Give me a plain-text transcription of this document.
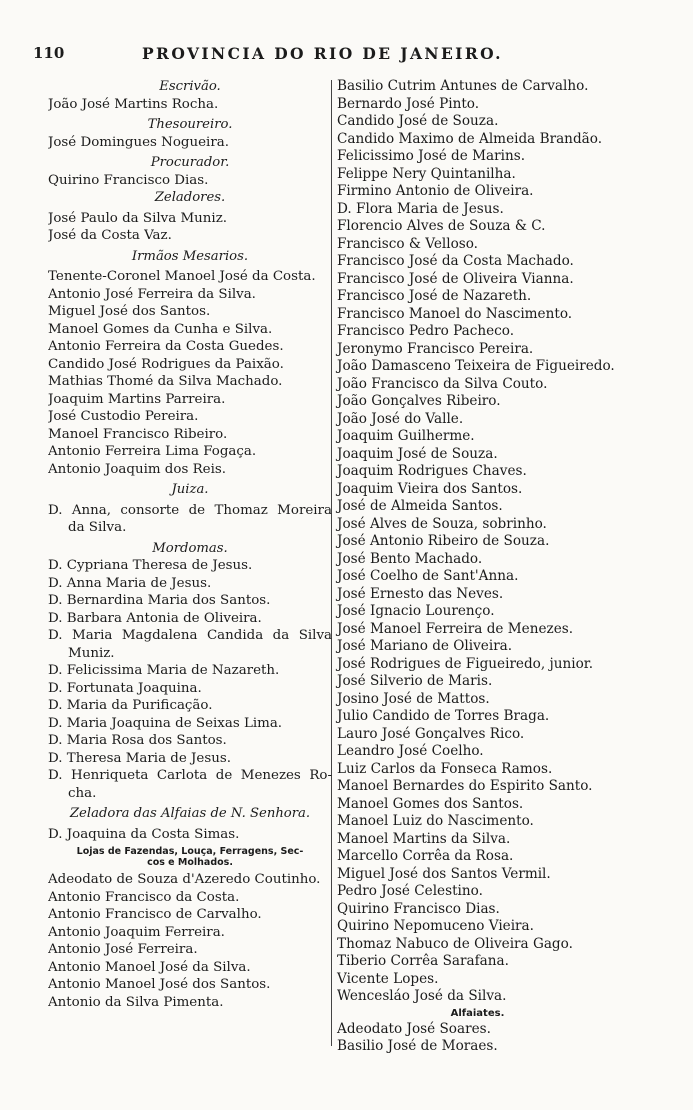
110	PROVINCIA DO RIO DE JANEIRO.
Escrivão.
João José Martins Rocha.
Thesoureiro.
José Domingues Nogueira.
Procurador.
Quirino Francisco Dias.
Zeladores.
José Paulo da Silva Muniz.
José da Costa Vaz.
Irmãos Mesarios.
Tenente-Coronel Manoel José da Costa.
Antonio José Ferreira da Silva.
Miguel José dos Santos.
Manoel Gomes da Cunha e Silva.
Antonio Ferreira da Costa Guedes.
Candido José Rodrigues da Paixão.
Mathias Thomé da Silva Machado.
Joaquim Martins Parreira.
José Custodio Pereira.
Manoel Francisco Ribeiro.
Antonio Ferreira Lima Fogaça.
Antonio Joaquim dos Reis.
Juiza.
D. Anna, consorte de Thomaz Moreira
da Silva.
Mordomas.
D. Cypriana Theresa de Jesus.
D. Anna Maria de Jesus.
D. Bernardina Maria dos Santos.
D. Barbara Antonia de Oliveira.
D. Maria Magdalena Candida da Silva
Muniz.
D. Felicissima Maria de Nazareth.
D. Fortunata Joaquina.
D. Maria da Purificação.
D. Maria Joaquina de Seixas Lima.
D. Maria Rosa dos Santos.
D. Theresa Maria de Jesus.
D. Henriqueta Carlota de Menezes Ro-
cha.
Zeladora das Alfaias de N. Senhora.
D. Joaquina da Costa Simas.
Lojas de Fazendas, Louça, Ferragens, Sec-
cos e Molhados.
Adeodato de Souza d'Azeredo Coutinho.
Antonio Francisco da Costa.
Antonio Francisco de Carvalho.
Antonio Joaquim Ferreira.
Antonio José Ferreira.
Antonio Manoel José da Silva.
Antonio Manoel José dos Santos.
Antonio da Silva Pimenta.
Basilio Cutrim Antunes de Carvalho.
Bernardo José Pinto.
Candido José de Souza.
Candido Maximo de Almeida Brandão.
Felicissimo José de Marins.
Felippe Nery Quintanilha.
Firmino Antonio de Oliveira.
D. Flora Maria de Jesus.
Florencio Alves de Souza & C.
Francisco & Velloso.
Francisco José da Costa Machado.
Francisco José de Oliveira Vianna.
Francisco José de Nazareth.
Francisco Manoel do Nascimento.
Francisco Pedro Pacheco.
Jeronymo Francisco Pereira.
João Damasceno Teixeira de Figueiredo.
João Francisco da Silva Couto.
João Gonçalves Ribeiro.
João José do Valle.
Joaquim Guilherme.
Joaquim José de Souza.
Joaquim Rodrigues Chaves.
Joaquim Vieira dos Santos.
José de Almeida Santos.
José Alves de Souza, sobrinho.
José Antonio Ribeiro de Souza.
José Bento Machado.
José Coelho de Sant'Anna.
José Ernesto das Neves.
José Ignacio Lourenço.
José Manoel Ferreira de Menezes.
José Mariano de Oliveira.
José Rodrigues de Figueiredo, junior.
José Silverio de Maris.
Josino José de Mattos.
Julio Candido de Torres Braga.
Lauro José Gonçalves Rico.
Leandro José Coelho.
Luiz Carlos da Fonseca Ramos.
Manoel Bernardes do Espirito Santo.
Manoel Gomes dos Santos.
Manoel Luiz do Nascimento.
Manoel Martins da Silva.
Marcello Corrêa da Rosa.
Miguel José dos Santos Vermil.
Pedro José Celestino.
Quirino Francisco Dias.
Quirino Nepomuceno Vieira.
Thomaz Nabuco de Oliveira Gago.
Tiberio Corrêa Sarafana.
Vicente Lopes.
Wencesláo José da Silva.
Alfaiates.
Adeodato José Soares.
Basilio José de Moraes.
